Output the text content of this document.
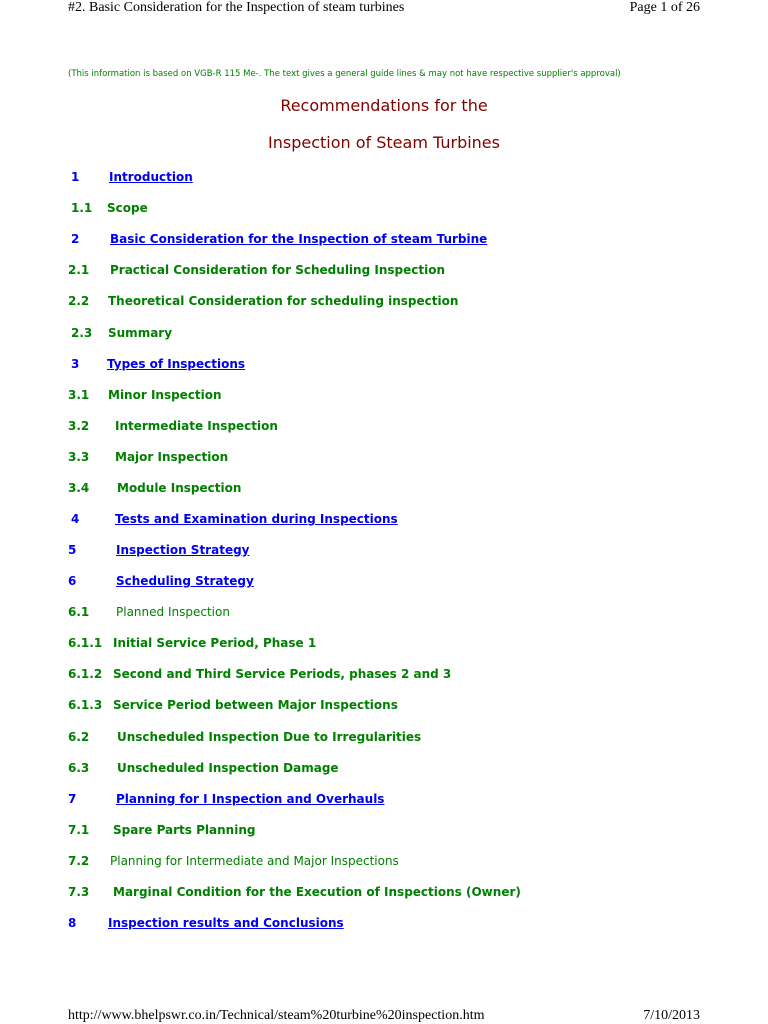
#2. Basic Consideration for the Inspection of steam turbines	Page 1 of 26
(This information is based on VGB-R 115 Me-. The text gives a general guide lines & may not have respective supplier's approval)
Recommendations for the
Inspection of Steam Turbines
1 Introduction
1.1 Scope
2	Basic Consideration for the Inspection of steam Turbine
2.1 Practical Consideration for Scheduling Inspection
2.2 Theoretical Consideration for scheduling inspection
2.3 Summary
3 Types of Inspections
3.1 Minor Inspection
3.2 Intermediate Inspection
3.3 Major Inspection
3.4 Module Inspection
4	Tests and Examination during Inspections
5	Inspection Strategy
6	Scheduling Strategy
6.1 Planned Inspection
6.1.1 Initial Service Period, Phase 1
6.1.2 Second and Third Service Periods, phases 2 and 3
6.1.3 Service Period between Major Inspections
6.2 Unscheduled Inspection Due to Irregularities
6.3 Unscheduled Inspection Damage
7	Planning for I Inspection and Overhauls
7.1 Spare Parts Planning
7.2 Planning for Intermediate and Major Inspections
7.3 Marginal Condition for the Execution of Inspections (Owner)
8	Inspection results and Conclusions
http://www.bhelpswr.co.in/Technical/steam%20turbine%20inspection.htm	7/10/2013
